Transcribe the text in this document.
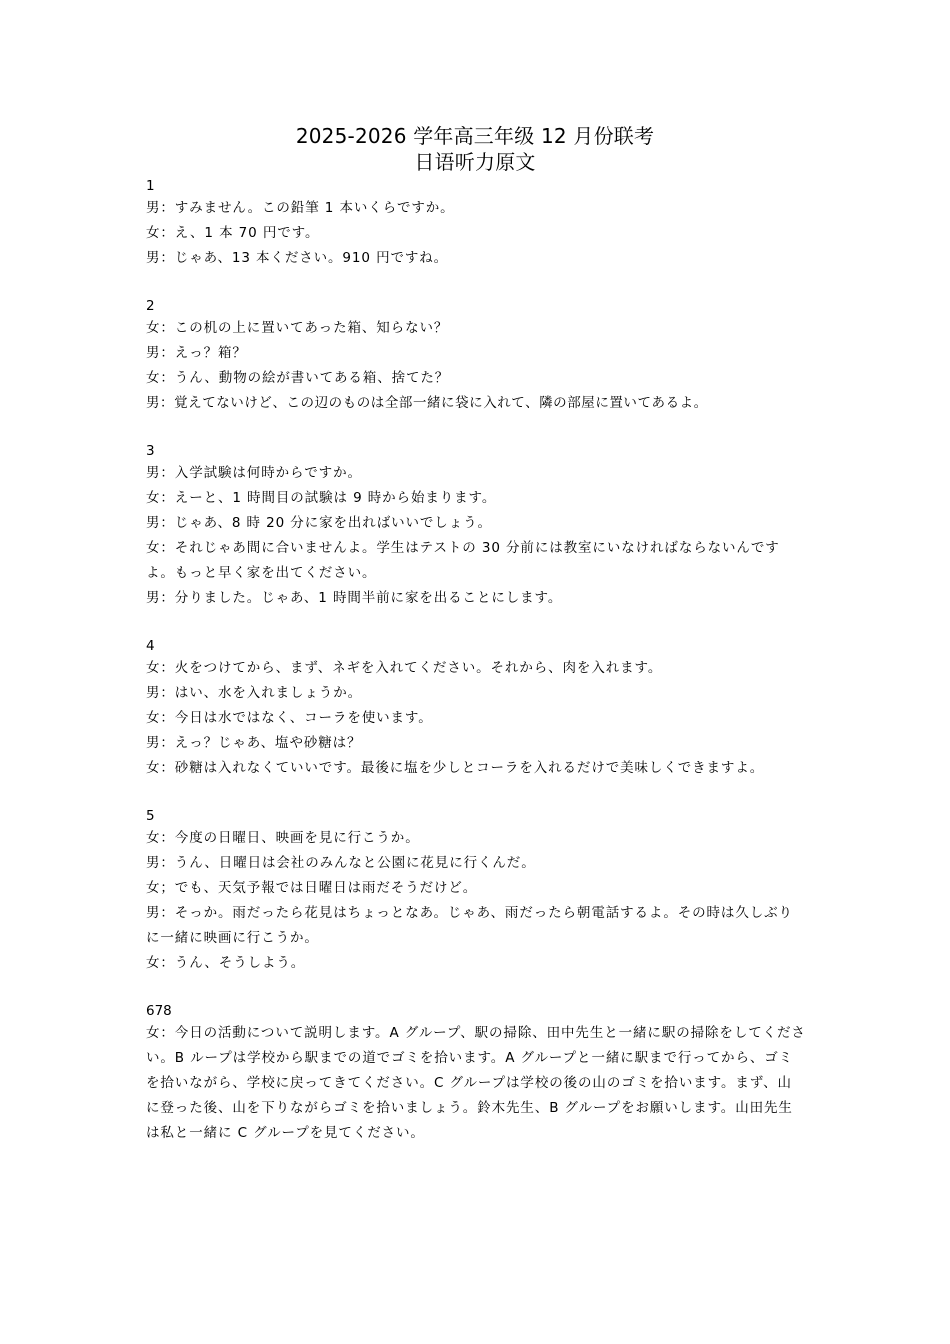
2025-2026 学年高三年级 12 月份联考
日语听力原文
1
男：すみません。この鉛筆 1 本いくらですか。
女：え、1 本 70 円です。
男：じゃあ、13 本ください。910 円ですね。
2
女：この机の上に置いてあった箱、知らない？
男：えっ？箱？
女：うん、動物の絵が書いてある箱、捨てた？
男：覚えてないけど、この辺のものは全部一緒に袋に入れて、隣の部屋に置いてあるよ。
3
男：入学試験は何時からですか。
女：えーと、1 時間目の試験は 9 時から始まります。
男：じゃあ、8 時 20 分に家を出ればいいでしょう。
女：それじゃあ間に合いませんよ。学生はテストの 30 分前には教室にいなければならないんですよ。もっと早く家を出てください。
男：分りました。じゃあ、1 時間半前に家を出ることにします。
4
女：火をつけてから、まず、ネギを入れてください。それから、肉を入れます。
男：はい、水を入れましょうか。
女：今日は水ではなく、コーラを使います。
男：えっ？じゃあ、塩や砂糖は？
女：砂糖は入れなくていいです。最後に塩を少しとコーラを入れるだけで美味しくできますよ。
5
女：今度の日曜日、映画を見に行こうか。
男：うん、日曜日は会社のみんなと公園に花見に行くんだ。
女；でも、天気予報では日曜日は雨だそうだけど。
男：そっか。雨だったら花見はちょっとなあ。じゃあ、雨だったら朝電話するよ。その時は久しぶりに一緒に映画に行こうか。
女：うん、そうしよう。
678
女：今日の活動について説明します。A グループ、駅の掃除、田中先生と一緒に駅の掃除をしてください。B ループは学校から駅までの道でゴミを拾います。A グループと一緒に駅まで行ってから、ゴミを拾いながら、学校に戻ってきてください。C グループは学校の後の山のゴミを拾います。まず、山に登った後、山を下りながらゴミを拾いましょう。鈴木先生、B グループをお願いします。山田先生は私と一緒に C グループを見てください。
